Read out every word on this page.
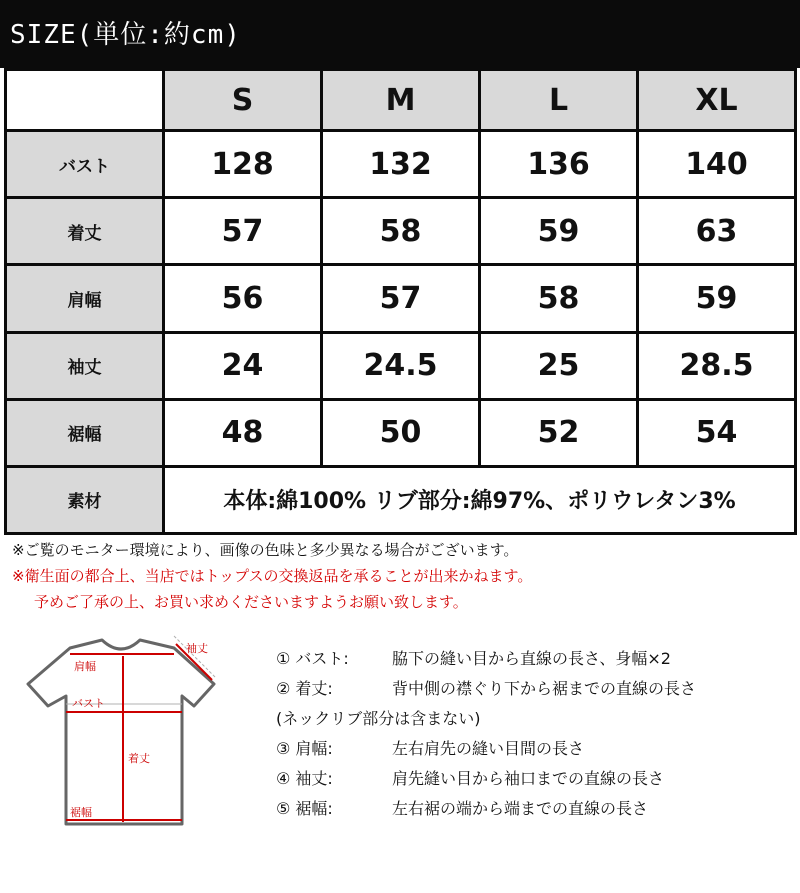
SIZE(単位:約cm)
	S	M	L	XL
バスト	128	132	136	140
着丈	57	58	59	63
肩幅	56	57	58	59
袖丈	24	24.5	25	28.5
裾幅	48	50	52	54
素材	本体:綿100% リブ部分:綿97%、ポリウレタン3%			
※ご覧のモニター環境により、画像の色味と多少異なる場合がございます。
※衛生面の都合上、当店ではトップスの交換返品を承ることが出来かねます。
予めご了承の上、お買い求めくださいますようお願い致します。
肩幅
袖丈
バスト
着丈
裾幅
① バスト:	脇下の縫い目から直線の長さ、身幅×2
② 着丈:	背中側の襟ぐり下から裾までの直線の長さ
(ネックリブ部分は含まない)
③ 肩幅:	左右肩先の縫い目間の長さ
④ 袖丈:	肩先縫い目から袖口までの直線の長さ
⑤ 裾幅:	左右裾の端から端までの直線の長さ
